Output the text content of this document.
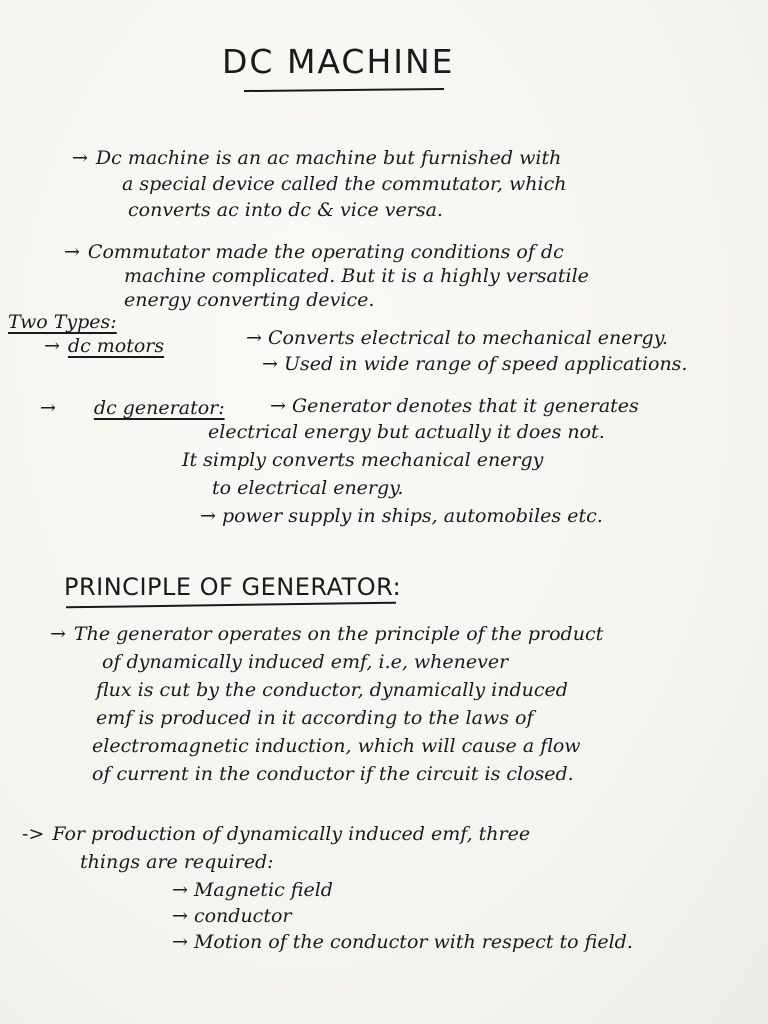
DC MACHINE
→ Dc machine is an ac machine but furnished with
a special device called the commutator, which
converts ac into dc & vice versa.
→ Commutator made the operating conditions of dc
machine complicated. But it is a highly versatile
energy converting device.
Two Types:
→ dc motors	→ Converts electrical to mechanical energy.
→ Used in wide range of speed applications.
→ dc generator: → Generator denotes that it generates
electrical energy but actually it does not.
It simply converts mechanical energy
to electrical energy.
→ power supply in ships, automobiles etc.
PRINCIPLE OF GENERATOR:
→ The generator operates on the principle of the product
of dynamically induced emf, i.e, whenever
flux is cut by the conductor, dynamically induced
emf is produced in it according to the laws of
electromagnetic induction, which will cause a flow
of current in the conductor if the circuit is closed.
-> For production of dynamically induced emf, three
things are required:
→ Magnetic field
→ conductor
→ Motion of the conductor with respect to field.
